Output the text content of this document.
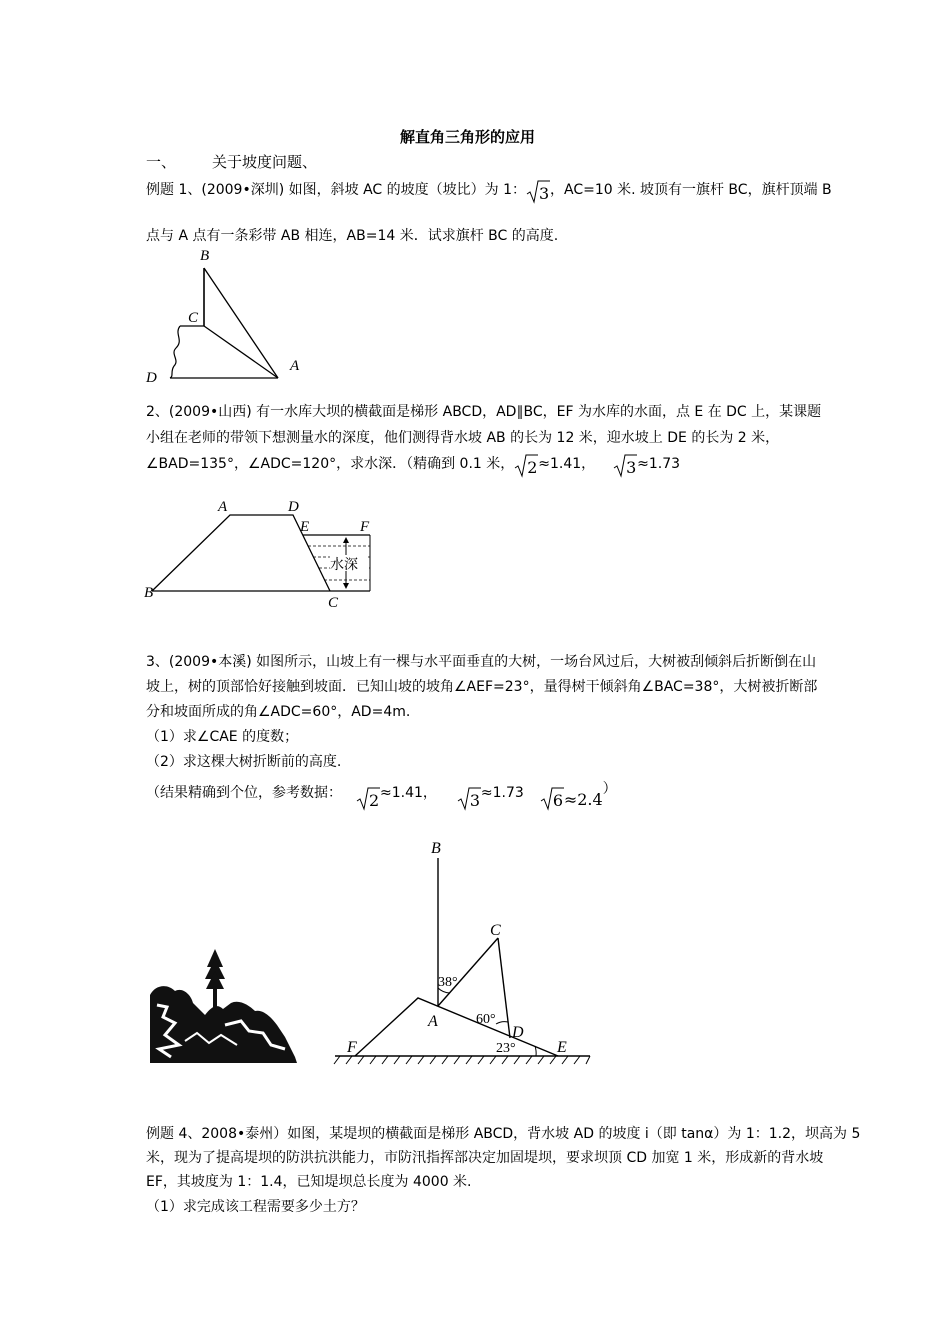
解直角三角形的应用
一、 关于坡度问题、
例题 1、(2009•深圳) 如图，斜坡 AC 的坡度（坡比）为 1： 3 ，AC=10 米. 坡顶有一旗杆 BC，旗杆顶端 B
点与 A 点有一条彩带 AB 相连，AB=14 米．试求旗杆 BC 的高度.
B
C
D
A
2、(2009•山西) 有一水库大坝的横截面是梯形 ABCD，AD∥BC，EF 为水库的水面，点 E 在 DC 上，某课题
小组在老师的带领下想测量水的深度，他们测得背水坡 AB 的长为 12 米，迎水坡上 DE 的长为 2 米，
∠BAD=135°，∠ADC=120°，求水深．（精确到 0.1 米， 2 ≈1.41， 3 ≈1.73
水深
A	D
E	F
B
C
3、(2009•本溪) 如图所示，山坡上有一棵与水平面垂直的大树，一场台风过后，大树被刮倾斜后折断倒在山
坡上，树的顶部恰好接触到坡面．已知山坡的坡角∠AEF=23°，量得树干倾斜角∠BAC=38°，大树被折断部
分和坡面所成的角∠ADC=60°，AD=4m.
（1）求∠CAE 的度数；
（2）求这棵大树折断前的高度.
（结果精确到个位，参考数据： 2 ≈1.41， 3 ≈1.73 6 ≈2.4）
B
C
A
D
F	E
38°
60°
23°
例题 4、2008•泰州）如图，某堤坝的横截面是梯形 ABCD，背水坡 AD 的坡度 i（即 tanα）为 1：1.2，坝高为 5
米，现为了提高堤坝的防洪抗洪能力，市防汛指挥部决定加固堤坝，要求坝顶 CD 加宽 1 米，形成新的背水坡
EF，其坡度为 1：1.4，已知堤坝总长度为 4000 米.
（1）求完成该工程需要多少土方？
